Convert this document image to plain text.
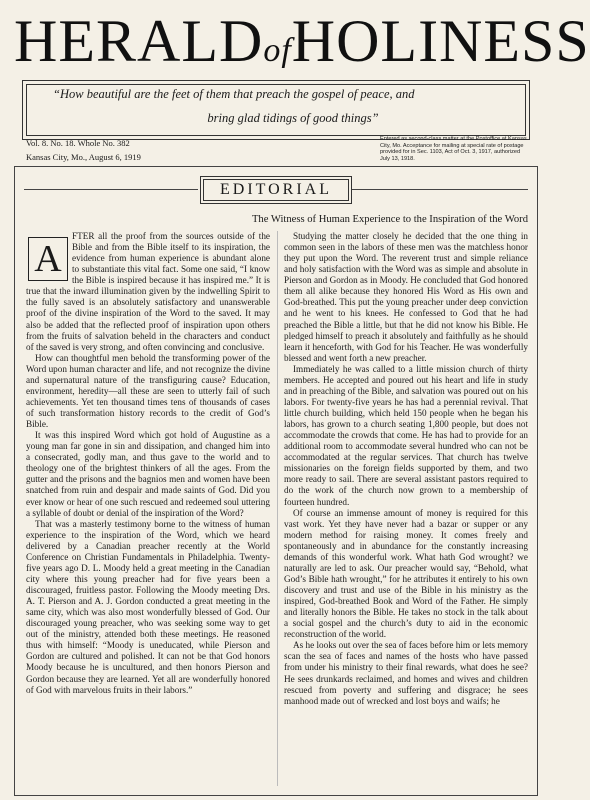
HERALDofHOLINESS
“How beautiful are the feet of them that preach the gospel of peace, and
bring glad tidings of good things”
Vol. 8. No. 18. Whole No. 382
Kansas City, Mo., August 6, 1919
Entered as second-class matter at the Postoffice at Kansas City, Mo. Acceptance for mailing at special rate of postage provided for in Sec. 1103, Act of Oct. 3, 1917, authorized July 13, 1918.
EDITORIAL
The Witness of Human Experience to the Inspiration of the Word
A

FTER all the proof from the sources outside of the Bible and from the Bible itself to its inspiration, the evidence from human experience is abundant alone to substantiate this vital fact. Some one said, “I know the Bible is inspired because it has inspired me.” It is true that the inward illumination given by the indwelling Spirit to the fully saved is an absolutely satisfactory and unanswerable proof of the divine inspiration of the Word to the saved. It may also be added that the reflected proof of inspiration upon others from the fruits of salvation beheld in the characters and conduct of the saved is very strong, and often convincing and conclusive.

How can thoughtful men behold the transforming power of the Word upon human character and life, and not recognize the divine and supernatural nature of the transfiguring cause? Education, environment, heredity—all these are seen to utterly fail of such achievements. Yet ten thousand times tens of thousands of cases of such transformation history records to the credit of God’s Bible.

It was this inspired Word which got hold of Augustine as a young man far gone in sin and dissipation, and changed him into a consecrated, godly man, and thus gave to the world and to theology one of the brightest thinkers of all the ages. From the gutter and the prisons and the bagnios men and women have been snatched from ruin and despair and made saints of God. Did you ever know or hear of one such rescued and redeemed soul uttering a syllable of doubt or denial of the inspiration of the Word?

That was a masterly testimony borne to the witness of human experience to the inspiration of the Word, which we heard delivered by a Canadian preacher recently at the World Conference on Christian Fundamentals in Philadelphia. Twenty-five years ago D. L. Moody held a great meeting in the Canadian city where this young preacher had for five years been a discouraged, fruitless pastor. Following the Moody meeting Drs. A. T. Pierson and A. J. Gordon conducted a great meeting in the same city, which was also most wonderfully blessed of God. Our discouraged young preacher, who was seeking some way to get out of the ministry, attended both these meetings. He reasoned thus with himself: “Moody is uneducated, while Pierson and Gordon are cultured and polished. It can not be that God honors Moody because he is uncultured, and then honors Pierson and Gordon because they are learned. Yet all are wonderfully honored of God with marvelous fruits in their labors.”

Studying the matter closely he decided that the one thing in common seen in the labors of these men was the matchless honor they put upon the Word. The reverent trust and simple reliance and holy satisfaction with the Word was as simple and absolute in Pierson and Gordon as in Moody. He concluded that God honored them all alike because they honored His Word as His own and God-breathed. This put the young preacher under deep conviction and he went to his knees. He confessed to God that he had preached the Bible a little, but that he did not know his Bible. He pledged himself to preach it absolutely and faithfully as he should learn it henceforth, with God for his Teacher. He was wonderfully blessed and went forth a new preacher.

Immediately he was called to a little mission church of thirty members. He accepted and poured out his heart and life in study and in preaching of the Bible, and salvation was poured out on his labors. For twenty-five years he has had a perennial revival. That little church building, which held 150 people when he began his labors, has grown to a church seating 1,800 people, but does not accommodate the crowds that come. He has had to provide for an additional room to accommodate several hundred who can not be accommodated at the regular services. That church has twelve missionaries on the foreign fields supported by them, and two more ready to sail. There are several assistant pastors required to do the work of the church now grown to a membership of fourteen hundred.

Of course an immense amount of money is required for this vast work. Yet they have never had a bazar or supper or any modern method for raising money. It comes freely and spontaneously and in abundance for the constantly increasing demands of this wonderful work. What hath God wrought? we naturally are led to ask. Our preacher would say, “Behold, what God’s Bible hath wrought,” for he attributes it entirely to his own discovery and trust and use of the Bible in his ministry as the inspired, God-breathed Book and Word of the Father. He simply and literally honors the Bible. He takes no stock in the talk about a social gospel and the church’s duty to aid in the economic reconstruction of the world.

As he looks out over the sea of faces before him or lets memory scan the sea of faces and names of the hosts who have passed from under his ministry to their final rewards, what does he see? He sees drunkards reclaimed, and homes and wives and children rescued from poverty and suffering and disgrace; he sees manhood made out of wrecked and lost boys and waifs; he
